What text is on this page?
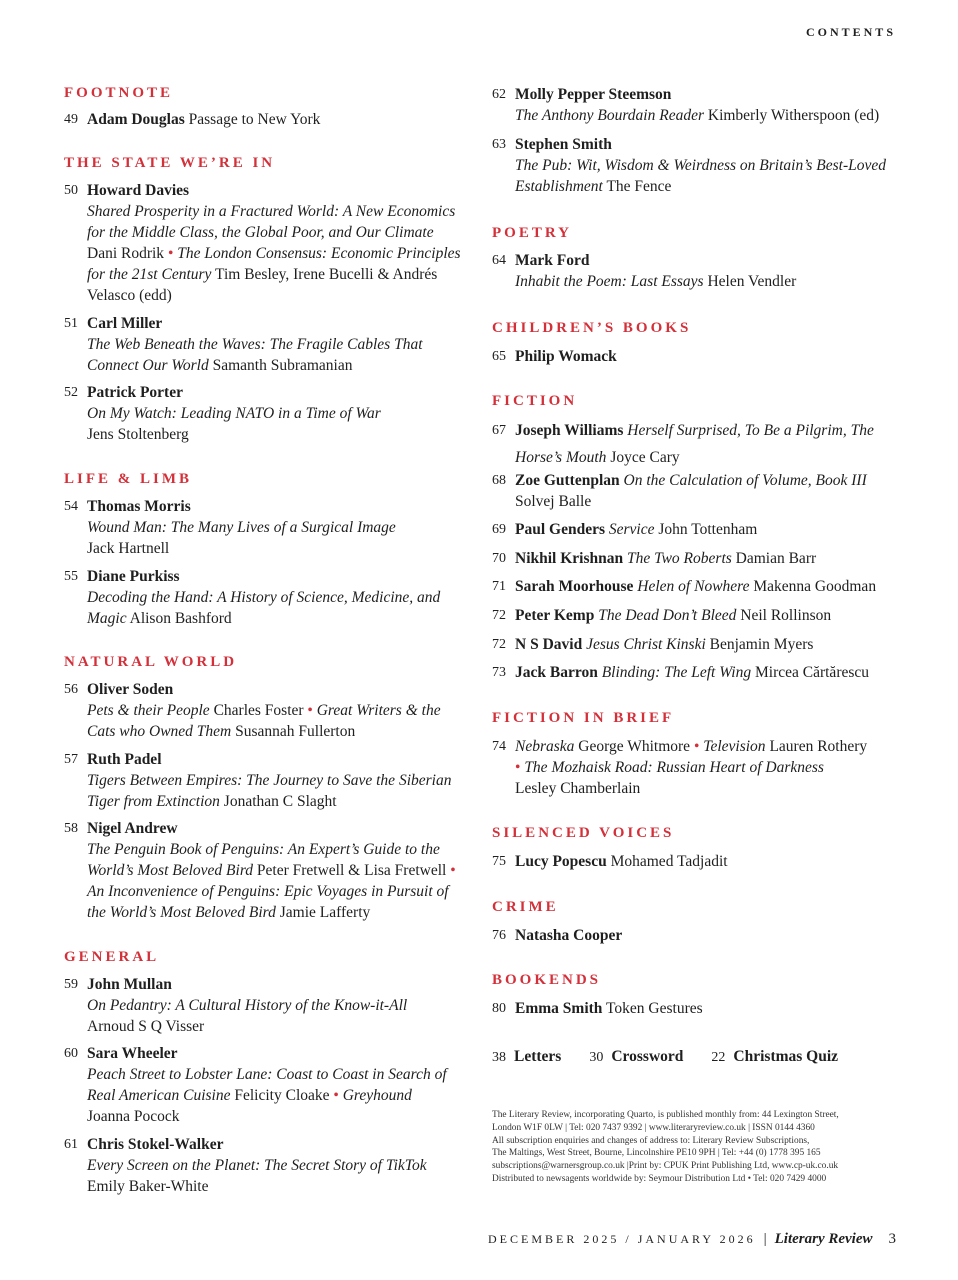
CONTENTS
FOOTNOTE
49 Adam Douglas Passage to New York
THE STATE WE’RE IN
50 Howard Davies
Shared Prosperity in a Fractured World: A New Economics for the Middle Class, the Global Poor, and Our Climate Dani Rodrik • The London Consensus: Economic Principles for the 21st Century Tim Besley, Irene Bucelli & Andrés Velasco (edd)
51 Carl Miller
The Web Beneath the Waves: The Fragile Cables That Connect Our World Samanth Subramanian
52 Patrick Porter
On My Watch: Leading NATO in a Time of War
Jens Stoltenberg
LIFE & LIMB
54 Thomas Morris
Wound Man: The Many Lives of a Surgical Image
Jack Hartnell
55 Diane Purkiss
Decoding the Hand: A History of Science, Medicine, and Magic Alison Bashford
NATURAL WORLD
56 Oliver Soden
Pets & their People Charles Foster • Great Writers & the Cats who Owned Them Susannah Fullerton
57 Ruth Padel
Tigers Between Empires: The Journey to Save the Siberian Tiger from Extinction Jonathan C Slaght
58 Nigel Andrew
The Penguin Book of Penguins: An Expert’s Guide to the World’s Most Beloved Bird Peter Fretwell & Lisa Fretwell • An Inconvenience of Penguins: Epic Voyages in Pursuit of the World’s Most Beloved Bird Jamie Lafferty
GENERAL
59 John Mullan
On Pedantry: A Cultural History of the Know-it-All
Arnoud S Q Visser
60 Sara Wheeler
Peach Street to Lobster Lane: Coast to Coast in Search of Real American Cuisine Felicity Cloake • Greyhound
Joanna Pocock
61 Chris Stokel-Walker
Every Screen on the Planet: The Secret Story of TikTok
Emily Baker-White
62 Molly Pepper Steemson
The Anthony Bourdain Reader Kimberly Witherspoon (ed)
63 Stephen Smith
The Pub: Wit, Wisdom & Weirdness on Britain’s Best-Loved Establishment The Fence
POETRY
64 Mark Ford
Inhabit the Poem: Last Essays Helen Vendler
CHILDREN’S BOOKS
65 Philip Womack
FICTION
67 Joseph Williams Herself Surprised, To Be a Pilgrim, The Horse’s Mouth Joyce Cary
68 Zoe Guttenplan On the Calculation of Volume, Book III
Solvej Balle
69 Paul Genders Service John Tottenham
70 Nikhil Krishnan The Two Roberts Damian Barr
71 Sarah Moorhouse Helen of Nowhere Makenna Goodman
72 Peter Kemp The Dead Don’t Bleed Neil Rollinson
72 N S David Jesus Christ Kinski Benjamin Myers
73 Jack Barron Blinding: The Left Wing Mircea Cărtărescu
FICTION IN BRIEF
74 Nebraska George Whitmore • Television Lauren Rothery
• The Mozhaisk Road: Russian Heart of Darkness
Lesley Chamberlain
SILENCED VOICES
75 Lucy Popescu Mohamed Tadjadit
CRIME
76 Natasha Cooper
BOOKENDS
80 Emma Smith Token Gestures
38 Letters 30 Crossword 22 Christmas Quiz
The Literary Review, incorporating Quarto, is published monthly from: 44 Lexington Street,
London W1F 0LW | Tel: 020 7437 9392 | www.literaryreview.co.uk | ISSN 0144 4360
All subscription enquiries and changes of address to: Literary Review Subscriptions,
The Maltings, West Street, Bourne, Lincolnshire PE10 9PH | Tel: +44 (0) 1778 395 165
subscriptions@warnersgroup.co.uk |Print by: CPUK Print Publishing Ltd, www.cp-uk.co.uk
Distributed to newsagents worldwide by: Seymour Distribution Ltd • Tel: 020 7429 4000
DECEMBER 2025 / JANUARY 2026 | Literary Review 3
